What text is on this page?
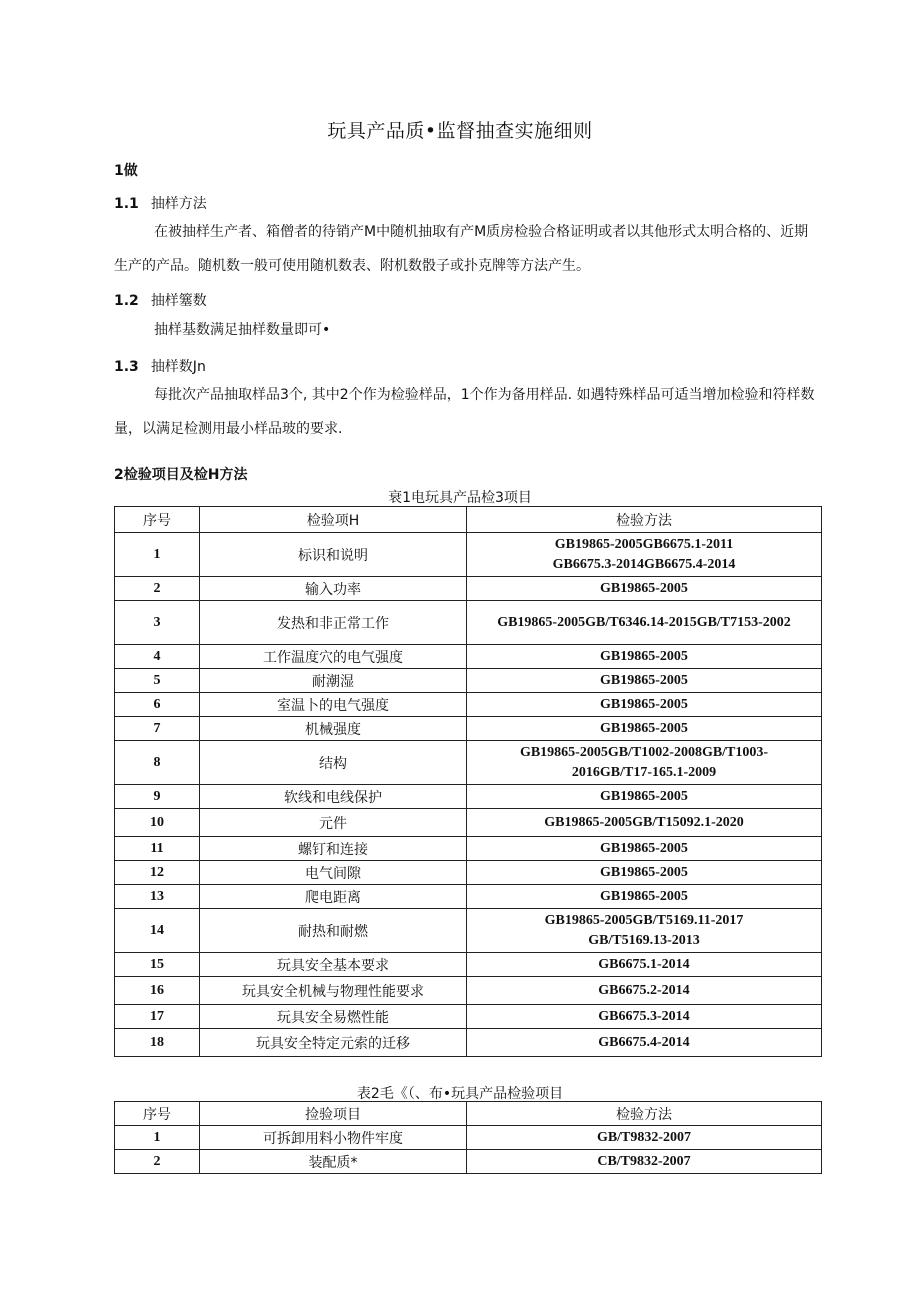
玩具产品质•监督抽查实施细则
1做
1.1 抽样方法
在被抽样生产者、箱僧者的待销产M中随机抽取有产M质房检验合格证明或者以其他形式太明合格的、近期生产的产品。随机数一般可使用随机数表、附机数骰子或扑克牌等方法产生。
1.2 抽样簺数
抽样基数满足抽样数量即可•
1.3 抽样数Jn
每批次产品抽取样品3个, 其中2个作为检验样品，1个作为备用样品. 如遇特殊样品可适当增加检验和符样数量，以满足检测用最小样品玻的要求.
2检验项目及检H方法
衰1电玩具产品检3项目
序号	检验项H	检验方法
1	标识和说明	GB19865-2005GB6675.1-2011
GB6675.3-2014GB6675.4-2014
2	输入功率	GB19865-2005
3	发热和非正常工作	GB19865-2005GB/T6346.14-2015GB/T7153-2002
4	工作温度穴的电气强度	GB19865-2005
5	耐潮湿	GB19865-2005
6	室温卜的电气强度	GB19865-2005
7	机械强度	GB19865-2005
8	结构	GB19865-2005GB/T1002-2008GB/T1003-
2016GB/T17-165.1-2009
9	软线和电线保护	GB19865-2005
10	元件	GB19865-2005GB/T15092.1-2020
11	螺钉和连接	GB19865-2005
12	电气间隙	GB19865-2005
13	爬电距离	GB19865-2005
14	耐热和耐燃	GB19865-2005GB/T5169.11-2017
GB/T5169.13-2013
15	玩具安全基本要求	GB6675.1-2014
16	玩具安全机械与物理性能要求	GB6675.2-2014
17	玩具安全易燃性能	GB6675.3-2014
18	玩具安全特定元索的迁移	GB6675.4-2014
表2毛《（、布•玩具产品检验项目
序号	捡验项目	检验方法
1	可拆卸用料小物件牢度	GB/T9832-2007
2	装配质*	CB/T9832-2007
